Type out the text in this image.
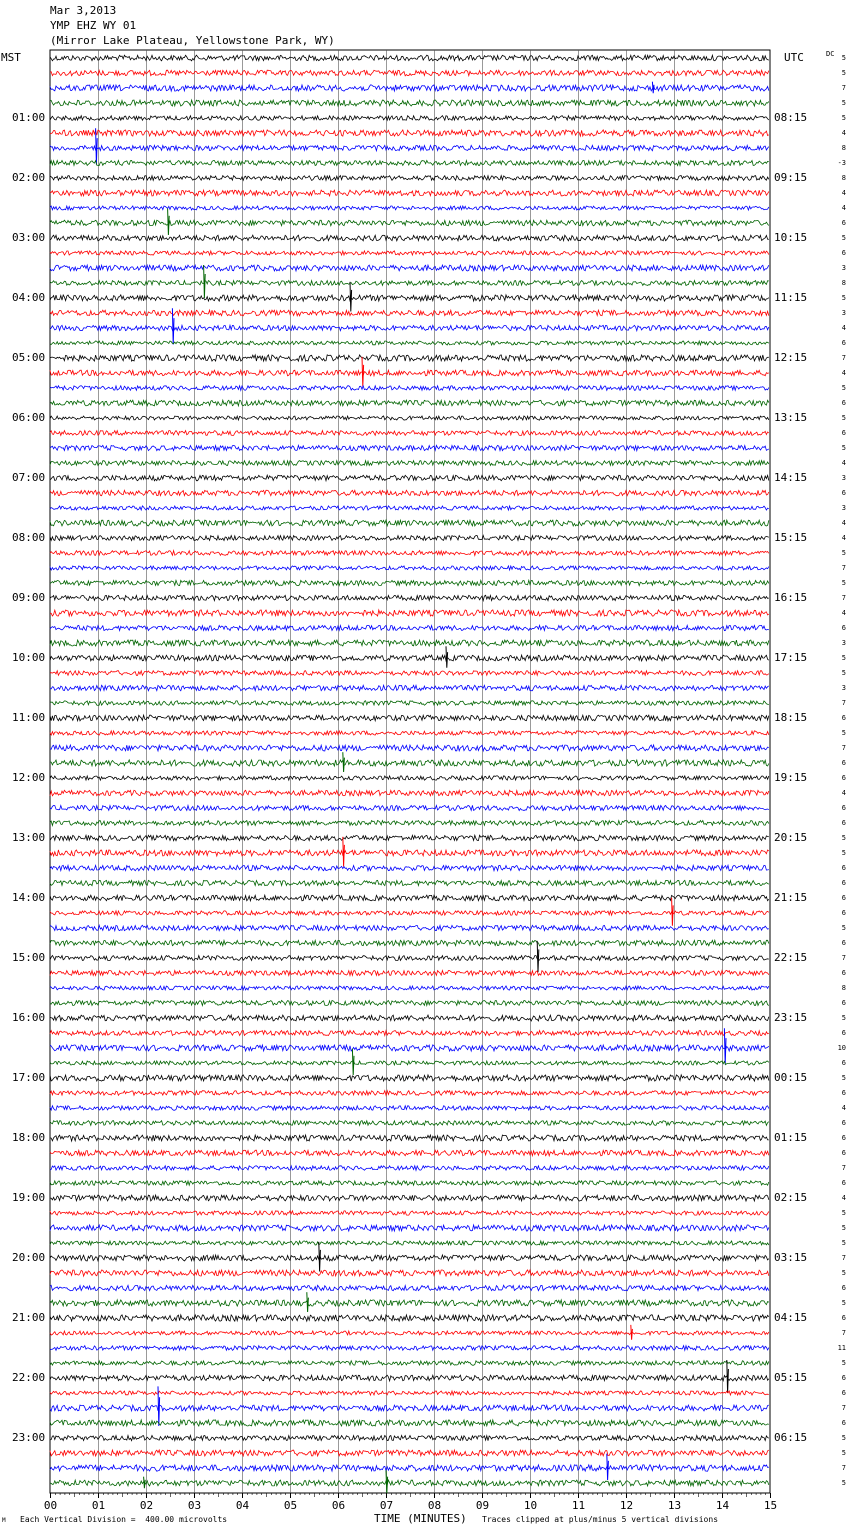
Mar 3,2013
YMP EHZ WY 01
(Mirror Lake Plateau, Yellowstone Park, WY)
MST	UTC	DC
00	01	02	03	04	05	06	07	08	09	10	11	12	13	14	15
01:00
02:00
03:00
04:00
05:00
06:00
07:00
08:00
09:00
10:00
11:00
12:00
13:00
14:00
15:00
16:00
17:00
18:00
19:00
20:00
21:00
22:00
23:00
08:15
09:15
10:15
11:15
12:15
13:15
14:15
15:15
16:15
17:15
18:15
19:15
20:15
21:15
22:15
23:15
00:15
01:15
02:15
03:15
04:15
05:15
06:15
5
5
7
5
5
4
8
-3
8
4
4
6
5
6
3
8
5
3
4
6
7
4
5
6
5
6
5
4
3
6
3
4
4
5
7
5
7
4
6
3
5
5
3
7
6
5
7
6
6
4
6
6
5
5
6
6
6
6
5
6
7
6
8
6
5
6
10
6
5
6
4
6
6
6
7
6
4
5
5
5
7
5
6
5
6
7
11
5
6
6
7
6
5
5
7
5
M Each Vertical Division =  400.00 microvolts	TIME (MINUTES) Traces clipped at plus/minus 5 vertical divisions
